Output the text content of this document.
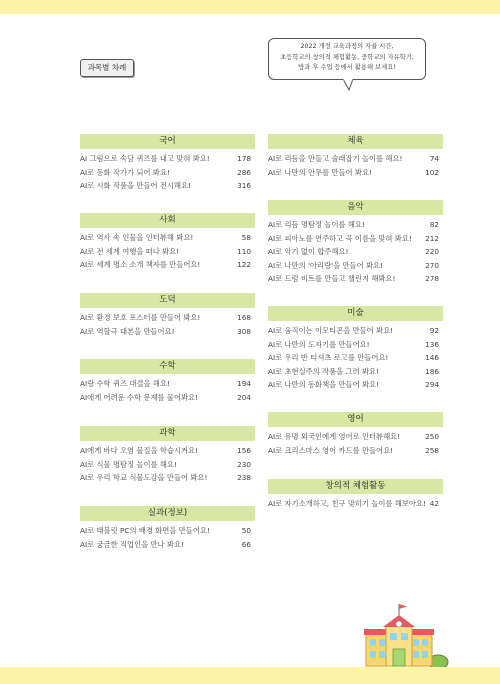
과목별 차례
2022 개정 교육과정의 자율 시간,
초등학교의 창의적 체험활동, 중학교의 자유학기,
방과 후 수업 등에서 활용해 보세요!
국어
AI 그림으로 속담 퀴즈를 내고 맞혀 봐요!	178
AI로 동화 작가가 되어 봐요!	286
AI로 시화 작품을 만들어 전시해요!	316
사회
AI로 역사 속 인물을 인터뷰해 봐요!	58
AI로 전 세계 여행을 떠나 봐요!	110
AI로 세계 명소 소개 책자를 만들어요!	122
도덕
AI로 환경 보호 포스터를 만들어 봐요!	168
AI로 역할극 대본을 만들어요!	308
수학
AI랑 수학 퀴즈 대결을 해요!	194
AI에게 어려운 수학 문제를 물어봐요!	204
과학
AI에게 바다 오염 물질을 학습시켜요!	156
AI로 식물 명탐정 놀이를 해요!	230
AI로 우리 학교 식물도감을 만들어 봐요!	238
실과(정보)
AI로 태블릿 PC의 배경 화면을 만들어요!	50
AI로 궁금한 직업인을 만나 봐요!	66
체육
AI로 리듬을 만들고 술래잡기 놀이를 해요!	74
AI로 나만의 안무를 만들어 봐요!	102
음악
AI로 리듬 명탐정 놀이를 해요!	82
AI로 피아노를 연주하고 곡 이름을 맞혀 봐요! 212
AI로 악기 없이 합주해요!	220
AI로 나만의 '아리랑'을 만들어 봐요!	270
AI로 드럼 비트를 만들고 챌린지 해봐요!	278
미술
AI로 움직이는 이모티콘을 만들어 봐요!	92
AI로 나만의 도자기를 만들어요!	136
AI로 우리 반 티셔츠 로고를 만들어요!	146
AI로 초현실주의 작품을 그려 봐요!	186
AI로 나만의 동화책을 만들어 봐요!	294
영어
AI로 유명 외국인에게 영어로 인터뷰해요!	250
AI로 크리스마스 영어 카드를 만들어요!	258
창의적 체험활동
AI로 자기소개하고, 친구 맞히기 놀이를 해보아요! 42
